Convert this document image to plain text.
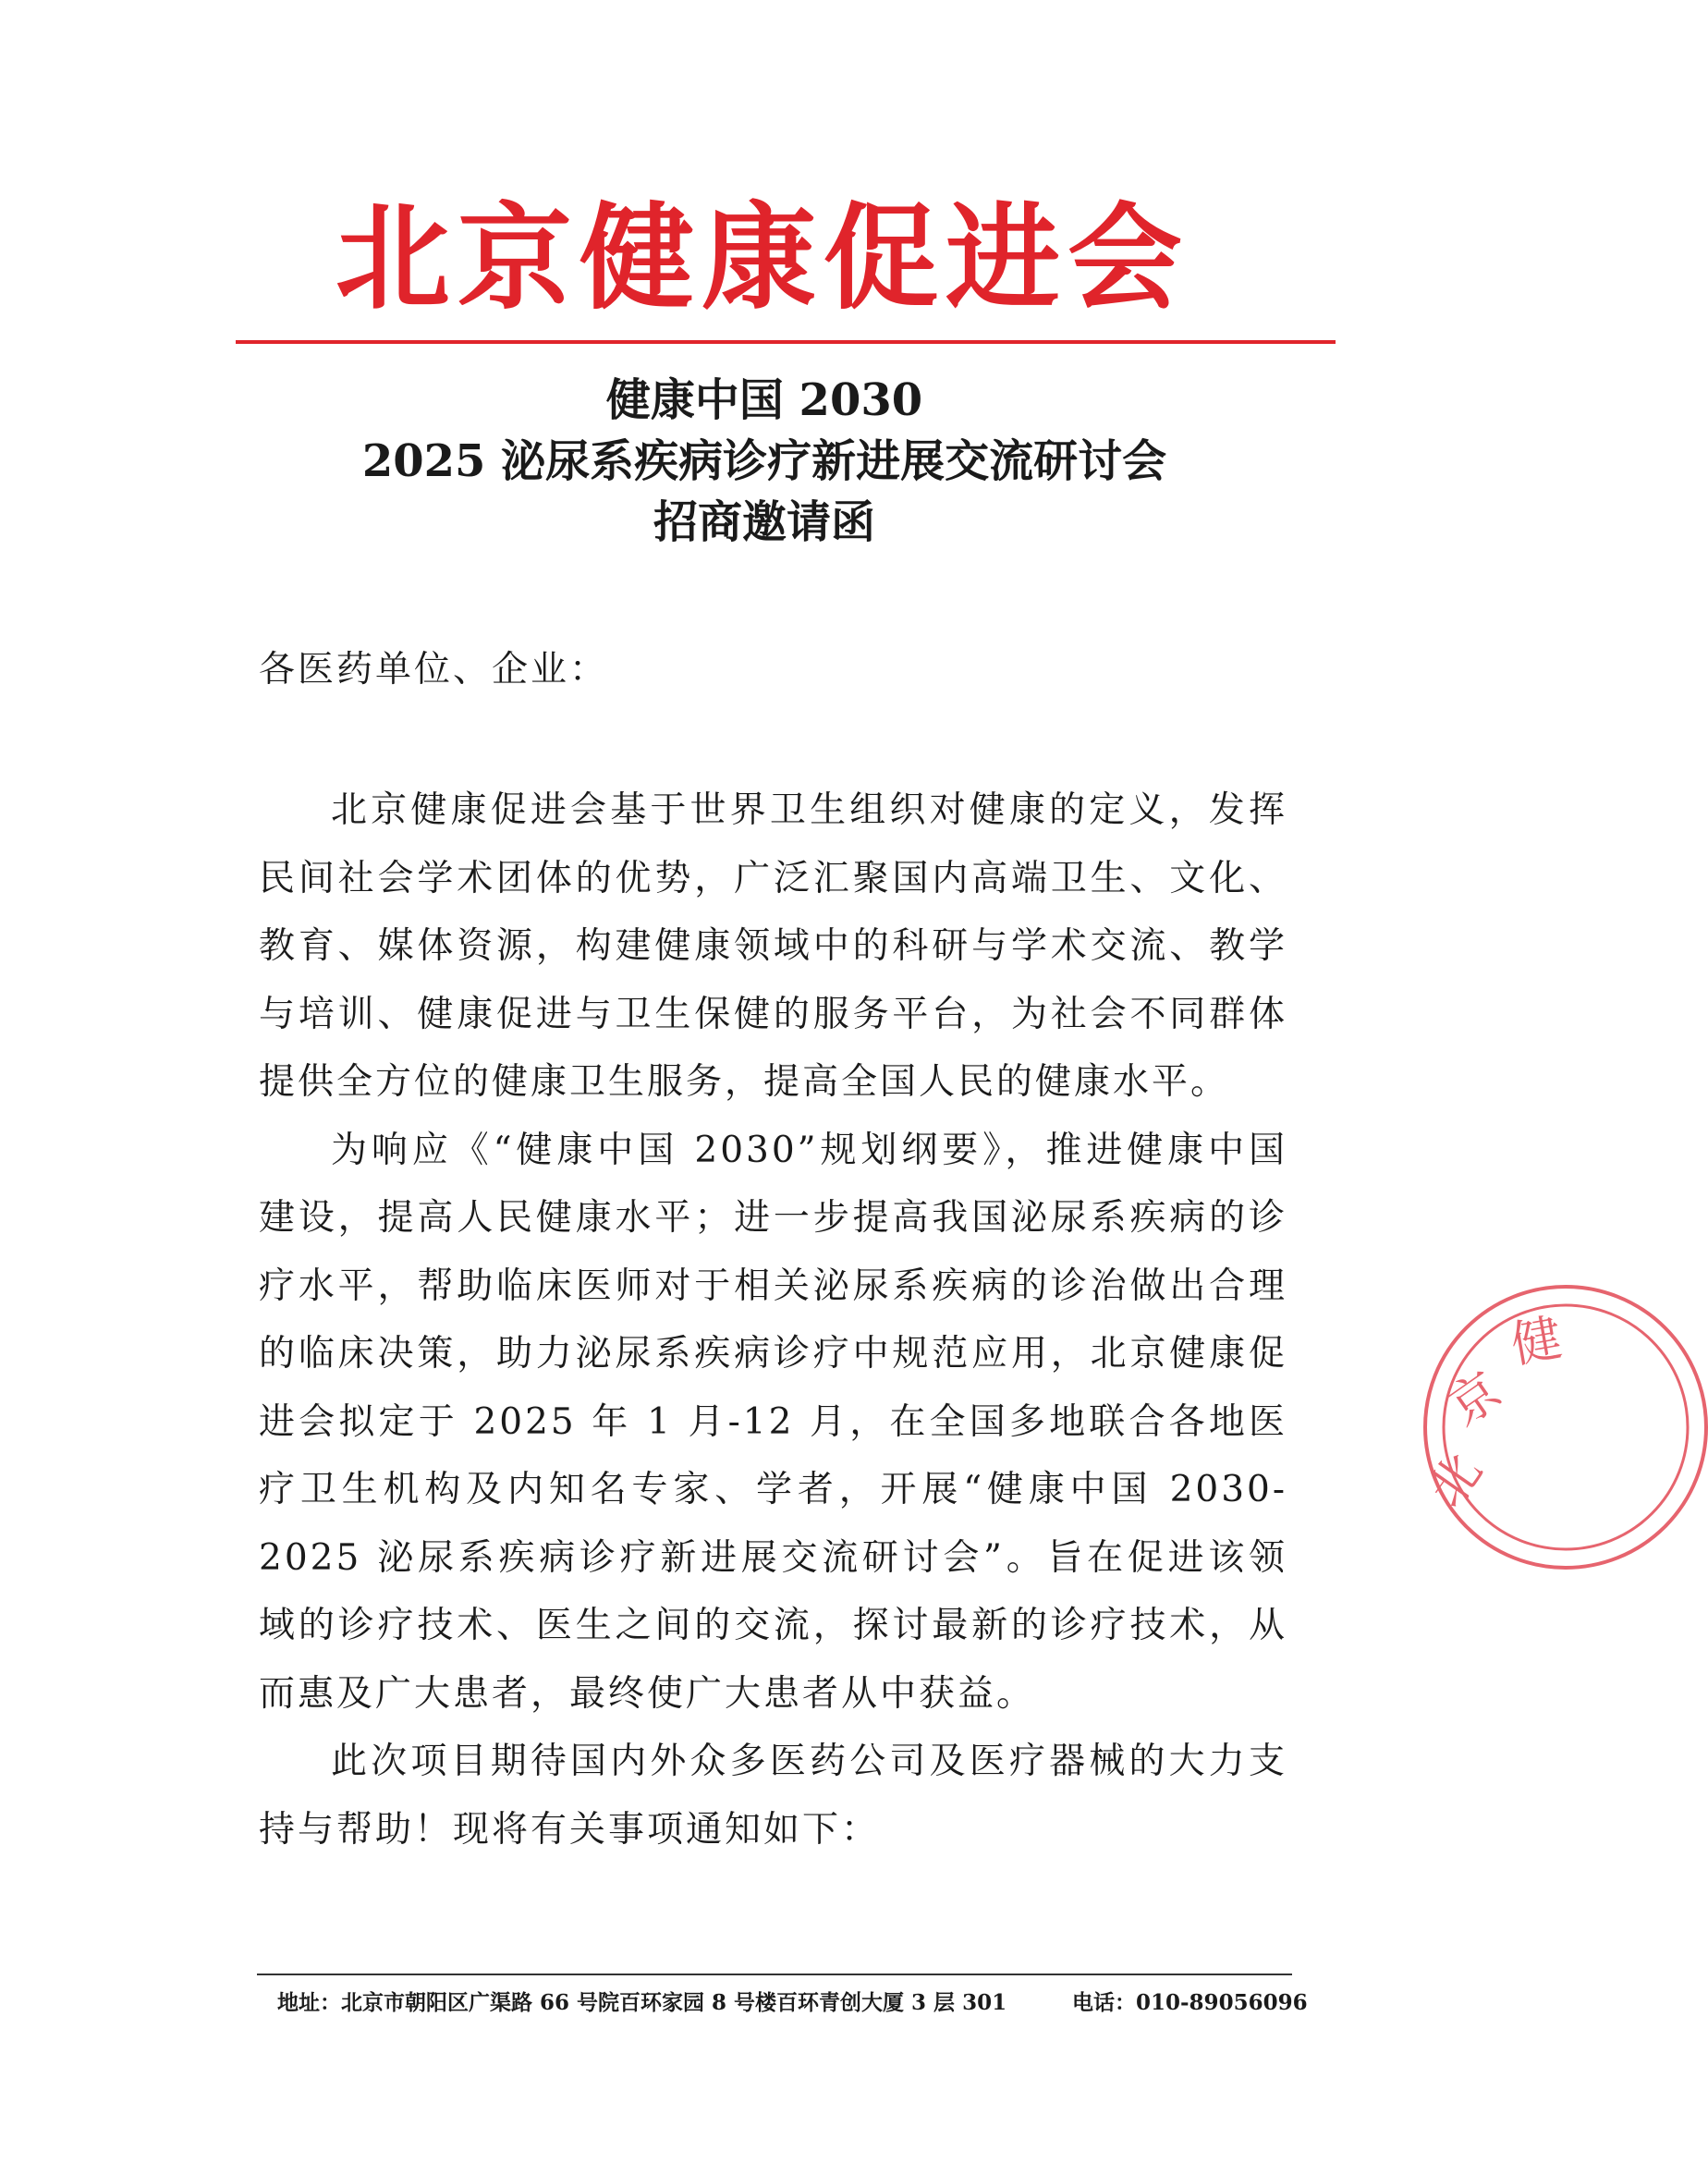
北京健康促进会

健康中国 2030

2025 泌尿系疾病诊疗新进展交流研讨会

招商邀请函

各医药单位、企业：

北京健康促进会基于世界卫生组织对健康的定义，发挥民间社会学术团体的优势，广泛汇聚国内高端卫生、文化、教育、媒体资源，构建健康领域中的科研与学术交流、教学与培训、健康促进与卫生保健的服务平台，为社会不同群体提供全方位的健康卫生服务，提高全国人民的健康水平。

为响应《“健康中国 2030”规划纲要》，推进健康中国建设，提高人民健康水平；进一步提高我国泌尿系疾病的诊疗水平，帮助临床医师对于相关泌尿系疾病的诊治做出合理的临床决策，助力泌尿系疾病诊疗中规范应用，北京健康促进会拟定于 2025 年 1 月-12 月，在全国多地联合各地医疗卫生机构及内知名专家、学者，开展“健康中国 2030-2025 泌尿系疾病诊疗新进展交流研讨会”。旨在促进该领域的诊疗技术、医生之间的交流，探讨最新的诊疗技术，从而惠及广大患者，最终使广大患者从中获益。

此次项目期待国内外众多医药公司及医疗器械的大力支持与帮助！现将有关事项通知如下：

北
京
健
地址：北京市朝阳区广渠路 66 号院百环家园 8 号楼百环青创大厦 3 层 301	电话：010-89056096
